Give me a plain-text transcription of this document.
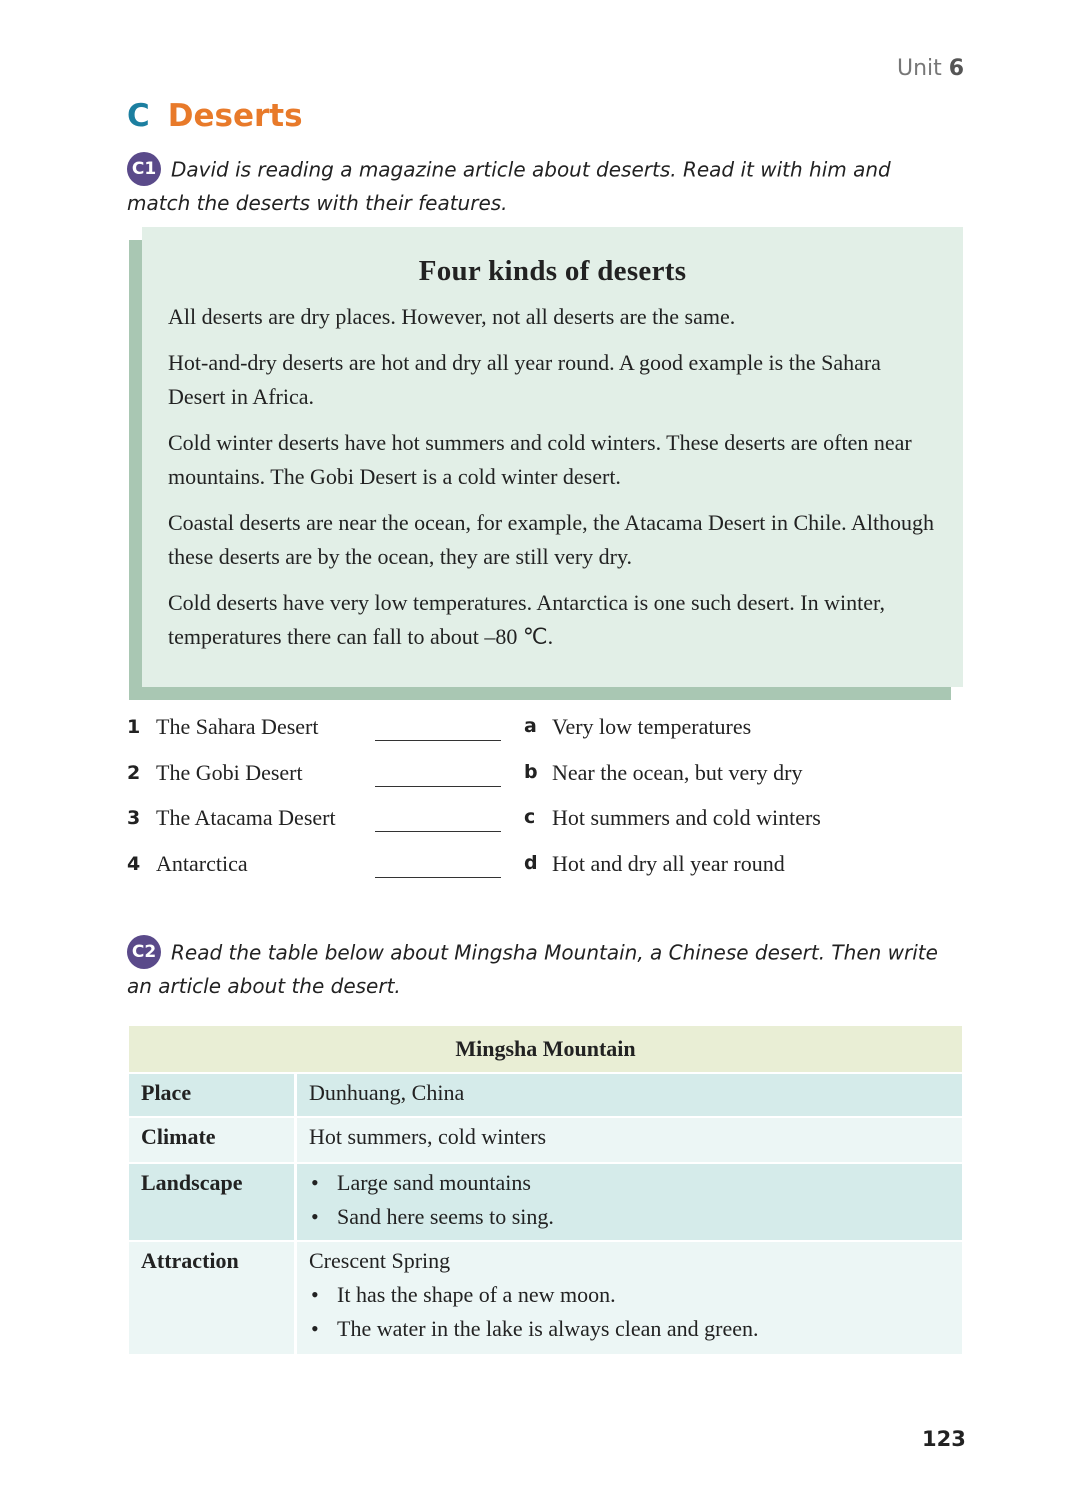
Unit 6
C Deserts
C1 David is reading a magazine article about deserts. Read it with him and match the deserts with their features.
Four kinds of deserts

All deserts are dry places. However, not all deserts are the same.

Hot-and-dry deserts are hot and dry all year round. A good example is the Sahara Desert in Africa.

Cold winter deserts have hot summers and cold winters. These deserts are often near mountains. The Gobi Desert is a cold winter desert.

Coastal deserts are near the ocean, for example, the Atacama Desert in Chile. Although these deserts are by the ocean, they are still very dry.

Cold deserts have very low temperatures. Antarctica is one such desert. In winter, temperatures there can fall to about –80 ℃.

1 The Sahara Desert	a Very low temperatures
2 The Gobi Desert	b Near the ocean, but very dry
3 The Atacama Desert	c Hot summers and cold winters
4 Antarctica	d Hot and dry all year round
C2 Read the table below about Mingsha Mountain, a Chinese desert. Then write an article about the desert.
Mingsha Mountain
Place	Dunhuang, China
Climate	Hot summers, cold winters
Landscape	• Large sand mountains
• Sand here seems to sing.
Attraction	Crescent Spring
• It has the shape of a new moon.
• The water in the lake is always clean and green.
123
